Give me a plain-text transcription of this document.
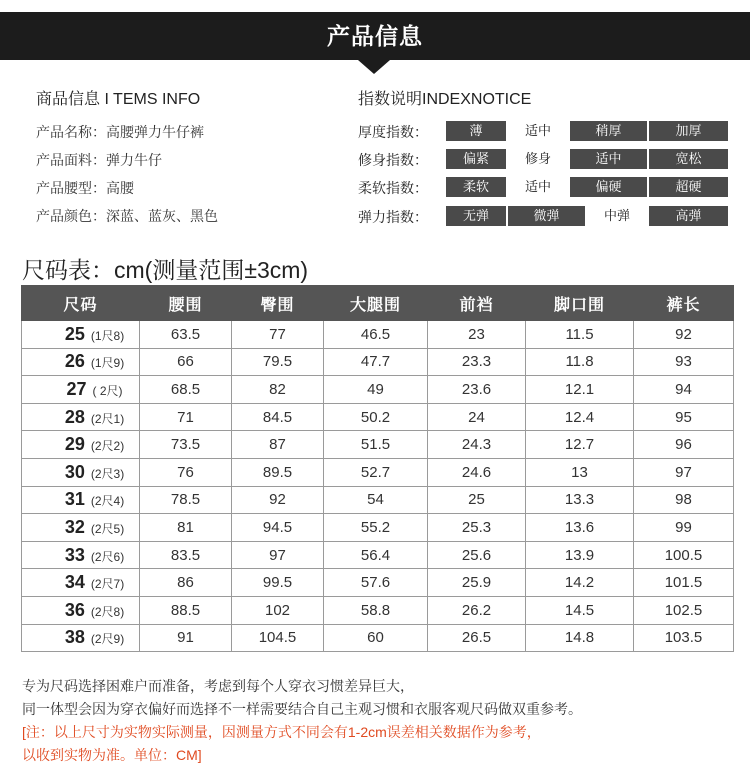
产品信息
商品信息 I TEMS INFO	指数说明INDEXNOTICE
产品名称：高腰弹力牛仔裤
产品面料：弹力牛仔
产品腰型：高腰
产品颜色：深蓝、蓝灰、黑色
厚度指数：	薄	适中	稍厚	加厚
修身指数：	偏紧	修身	适中	宽松
柔软指数：	柔软	适中	偏硬	超硬
弹力指数：	无弹	微弹	中弹	高弹
尺码表：cm(测量范围±3cm)
尺码	腰围	臀围	大腿围	前裆	脚口围	裤长
25 (1尺8)	63.5	77	46.5	23	11.5	92
26 (1尺9)	66	79.5	47.7	23.3	11.8	93
27 ( 2尺)	68.5	82	49	23.6	12.1	94
28 (2尺1)	71	84.5	50.2	24	12.4	95
29 (2尺2)	73.5	87	51.5	24.3	12.7	96
30 (2尺3)	76	89.5	52.7	24.6	13	97
31 (2尺4)	78.5	92	54	25	13.3	98
32 (2尺5)	81	94.5	55.2	25.3	13.6	99
33 (2尺6)	83.5	97	56.4	25.6	13.9	100.5
34 (2尺7)	86	99.5	57.6	25.9	14.2	101.5
36 (2尺8)	88.5	102	58.8	26.2	14.5	102.5
38 (2尺9)	91	104.5	60	26.5	14.8	103.5
专为尺码选择困难户而准备，考虑到每个人穿衣习惯差异巨大，
同一体型会因为穿衣偏好而选择不一样需要结合自己主观习惯和衣服客观尺码做双重参考。
[注：以上尺寸为实物实际测量，因测量方式不同会有1-2cm误差相关数据作为参考，
以收到实物为准。单位：CM]
